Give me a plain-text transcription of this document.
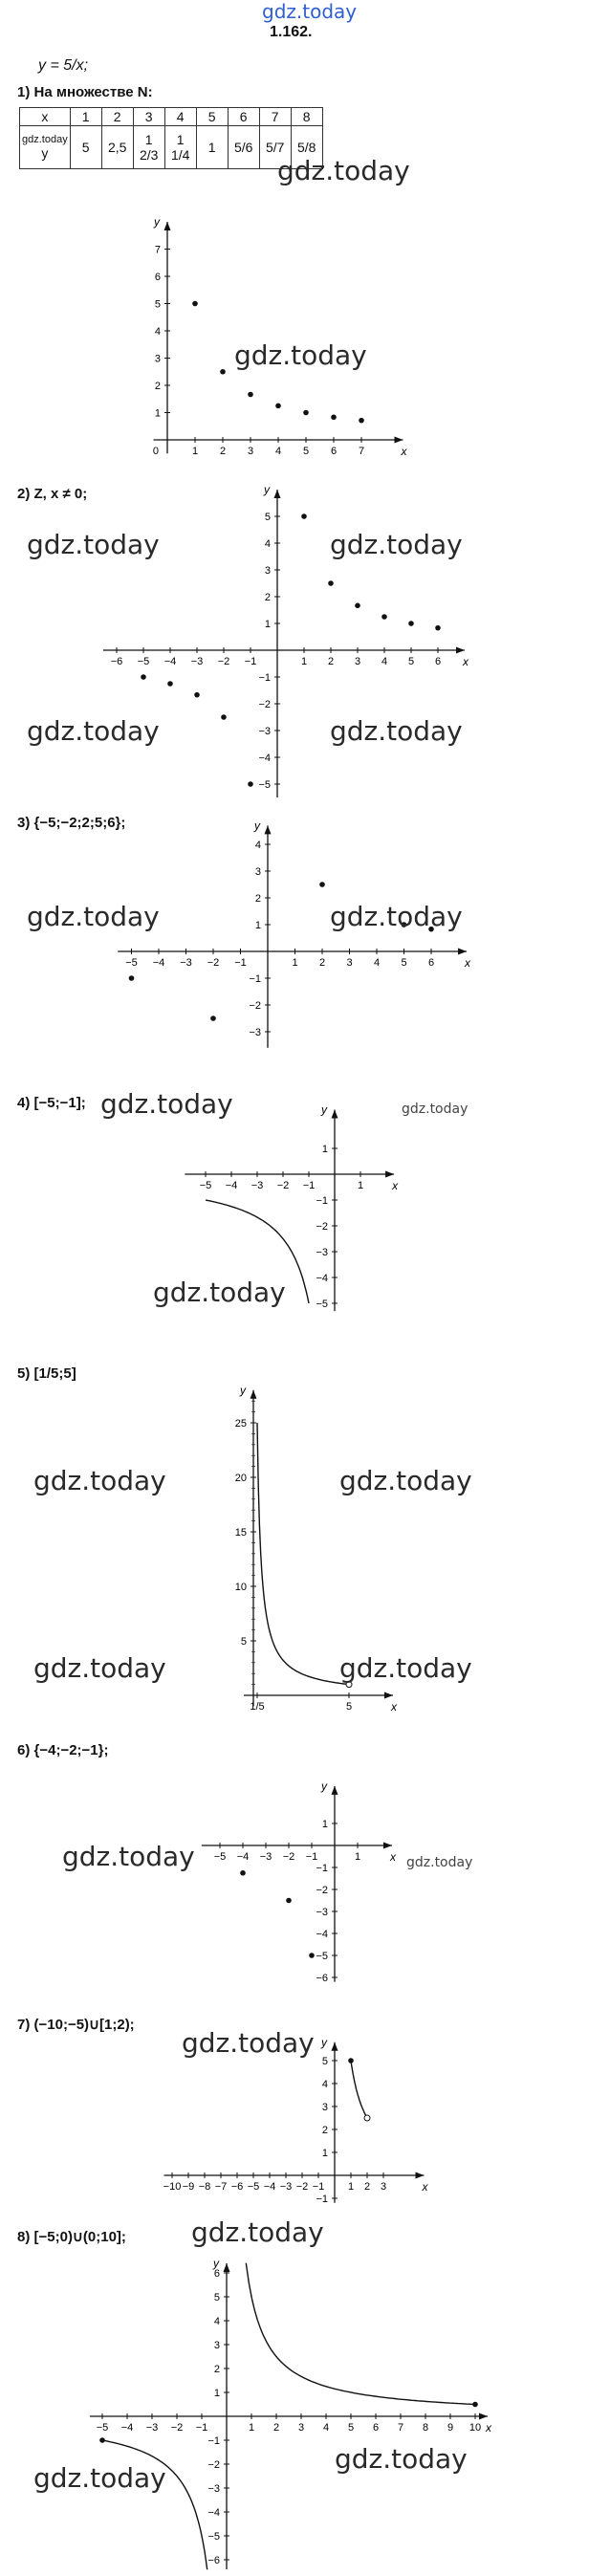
gdz.today
1.162.
y = 5/x;
1) На множестве N:
x	1	2	3	4	5	6	7	8

gdz.today
y	5	2,5	1 2/3	1 1/4	1	5/6	5/7	5/8
2) Z, x ≠ 0;
3) {−5;−2;2;5;6};
4) [−5;−1];
5) [1/5;5]
6) {−4;−2;−1};
7) (−10;−5)∪[1;2);
8) [−5;0)∪(0;10];
x
y
1 2 3 4 5 6 7
1
2
3
4
5
6
7
0
x
y
−6 −5 −4 −3 −2 −1	1 2 3 4 5 6
−5
−4
−3
−2
−1
1
2
3
4
5
x
y
−5 −4 −3 −2 −1	1 2 3 4 5 6
−3
−2
−1
1
2
3
4
x
y
−5 −4 −3 −2 −1	1
−5
−4
−3
−2
−1
1
x
y
1/5	5
5
10
15
20
25
x
y
−5 −4 −3 −2 −1	1
−6
−5
−4
−3
−2
−1
1
x
y
−10 −9 −8 −7 −6 −5 −4 −3 −2 −1 1 2 3
−1
1
2
3
4
5
x
y
−5 −4 −3 −2 −1	1 2 3 4 5 6 7 8 9 10
−6
−5
−4
−3
−2
−1
1
2
3
4
5
6
gdz.today
gdz.today
gdz.today	gdz.today
gdz.today	gdz.today
gdz.today	gdz.today
gdz.today	gdz.today
gdz.today
gdz.today	gdz.today
gdz.today	gdz.today
gdz.today	gdz.today
gdz.today
gdz.today
gdz.today
gdz.today
